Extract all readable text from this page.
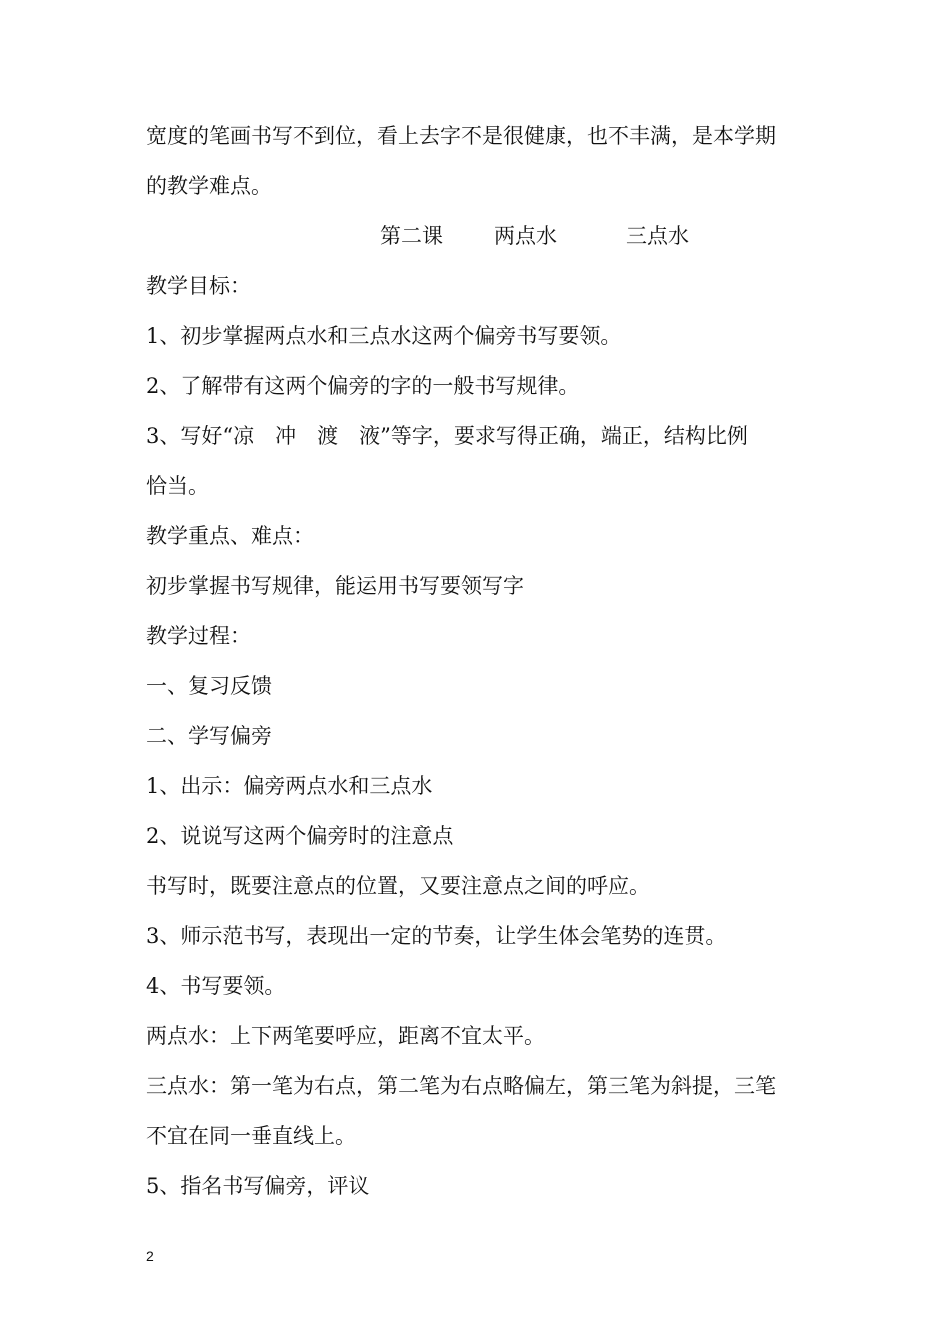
宽度的笔画书写不到位，看上去字不是很健康，也不丰满，是本学期
的教学难点。
第二课 两点水	三点水
教学目标：
1、初步掌握两点水和三点水这两个偏旁书写要领。
2、了解带有这两个偏旁的字的一般书写规律。
3、写好“凉　冲　渡　液”等字，要求写得正确，端正，结构比例
恰当。
教学重点、难点：
初步掌握书写规律，能运用书写要领写字
教学过程：
一、复习反馈
二、学写偏旁
1、出示：偏旁两点水和三点水
2、说说写这两个偏旁时的注意点
书写时，既要注意点的位置，又要注意点之间的呼应。
3、师示范书写，表现出一定的节奏，让学生体会笔势的连贯。
4、书写要领。
两点水：上下两笔要呼应，距离不宜太平。
三点水：第一笔为右点，第二笔为右点略偏左，第三笔为斜提，三笔
不宜在同一垂直线上。
5、指名书写偏旁，评议
2
